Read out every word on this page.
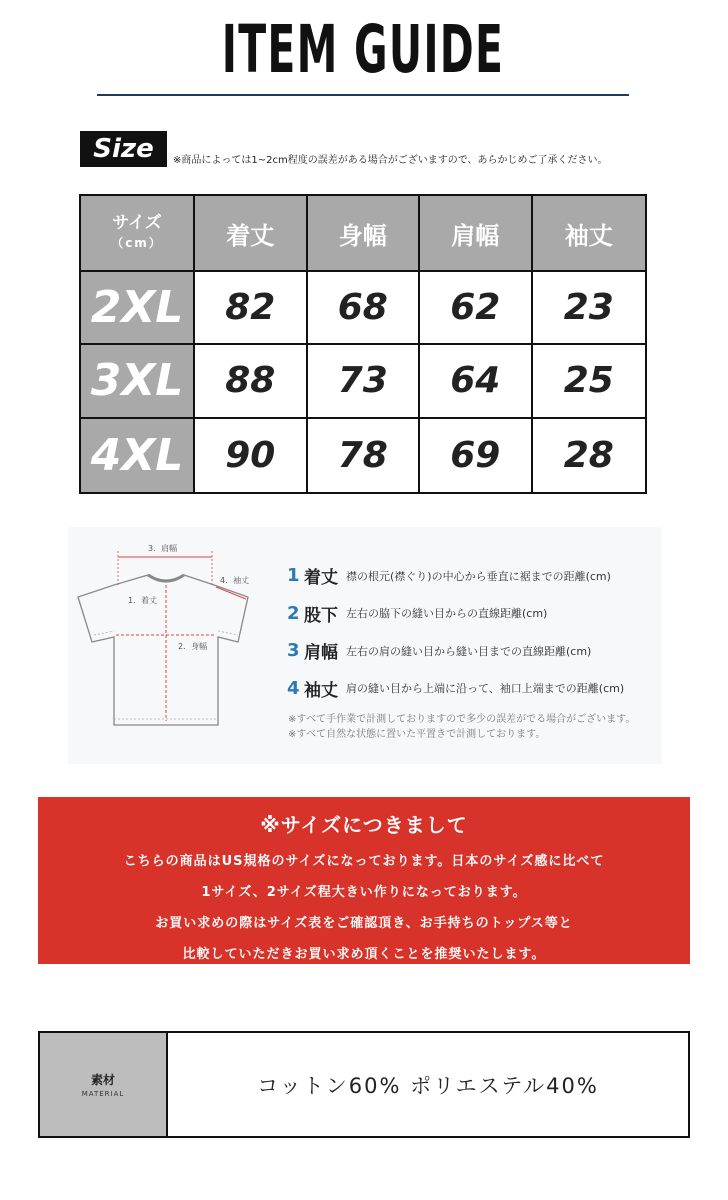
ITEM GUIDE
Size	※商品によっては1~2cm程度の誤差がある場合がございますので、あらかじめご了承ください。
サイズ
（cm）	着丈	身幅	肩幅	袖丈
2XL	82	68	62	23
3XL	88	73	64	25
4XL	90	78	69	28
3．肩幅
1．着丈
2．身幅
4．袖丈 1 着丈 襟の根元(襟ぐり)の中心から垂直に裾までの距離(cm)
2 股下 左右の脇下の縫い目からの直線距離(cm)
3 肩幅 左右の肩の縫い目から縫い目までの直線距離(cm)
4 袖丈 肩の縫い目から上端に沿って、袖口上端までの距離(cm)
※すべて手作業で計測しておりますので多少の誤差がでる場合がございます。
※すべて自然な状態に置いた平置きで計測しております。
※サイズにつきまして
こちらの商品はUS規格のサイズになっております。日本のサイズ感に比べて
1サイズ、2サイズ程大きい作りになっております。
お買い求めの際はサイズ表をご確認頂き、お手持ちのトップス等と
比較していただきお買い求め頂くことを推奨いたします。
素材
MATERIAL	コットン60% ポリエステル40%
